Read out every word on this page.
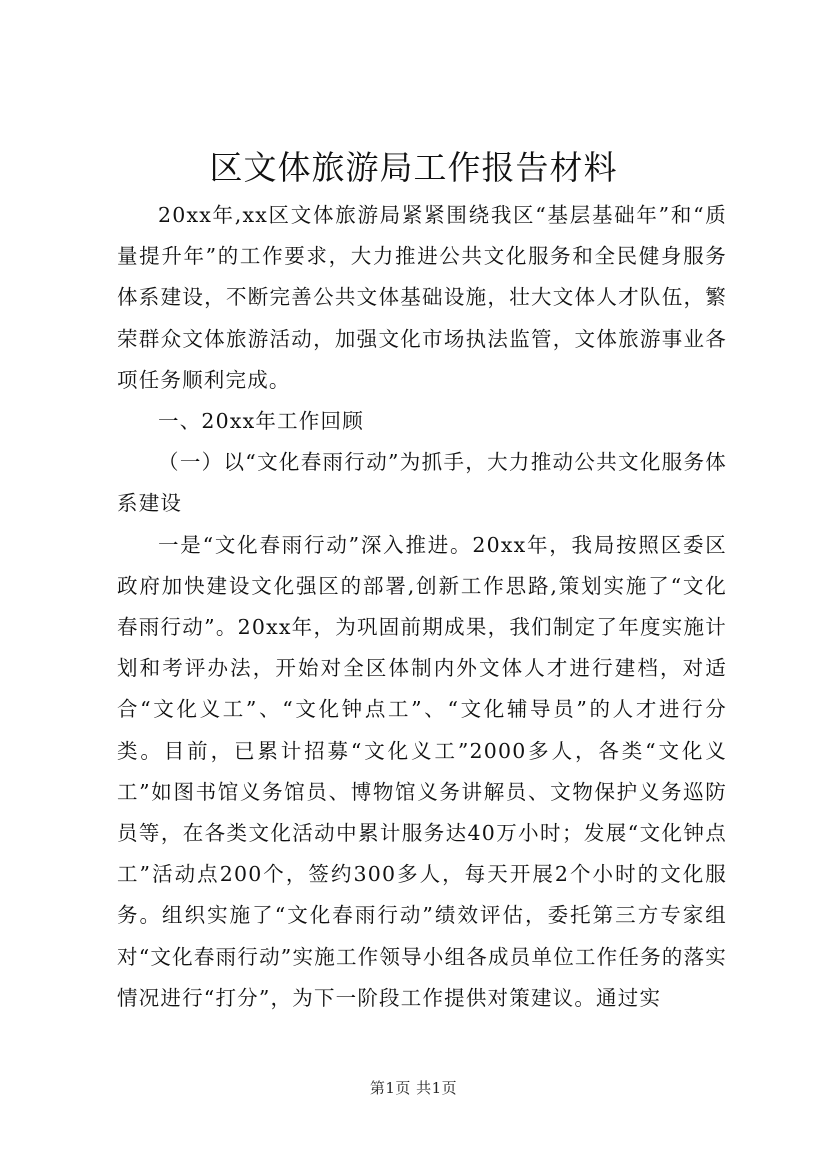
区文体旅游局工作报告材料

20xx年,xx区文体旅游局紧紧围绕我区“基层基础年”和“质量提升年”的工作要求，大力推进公共文化服务和全民健身服务体系建设，不断完善公共文体基础设施，壮大文体人才队伍，繁荣群众文体旅游活动，加强文化市场执法监管，文体旅游事业各项任务顺利完成。

一、20xx年工作回顾

（一）以“文化春雨行动”为抓手，大力推动公共文化服务体系建设

一是“文化春雨行动”深入推进。20xx年，我局按照区委区政府加快建设文化强区的部署,创新工作思路,策划实施了“文化春雨行动”。20xx年，为巩固前期成果，我们制定了年度实施计划和考评办法，开始对全区体制内外文体人才进行建档，对适合“文化义工”、“文化钟点工”、“文化辅导员”的人才进行分类。目前，已累计招募“文化义工”2000多人，各类“文化义工”如图书馆义务馆员、博物馆义务讲解员、文物保护义务巡防员等，在各类文化活动中累计服务达40万小时；发展“文化钟点工”活动点200个，签约300多人，每天开展2个小时的文化服务。组织实施了“文化春雨行动”绩效评估，委托第三方专家组对“文化春雨行动”实施工作领导小组各成员单位工作任务的落实情况进行“打分”，为下一阶段工作提供对策建议。通过实

第1页 共1页
